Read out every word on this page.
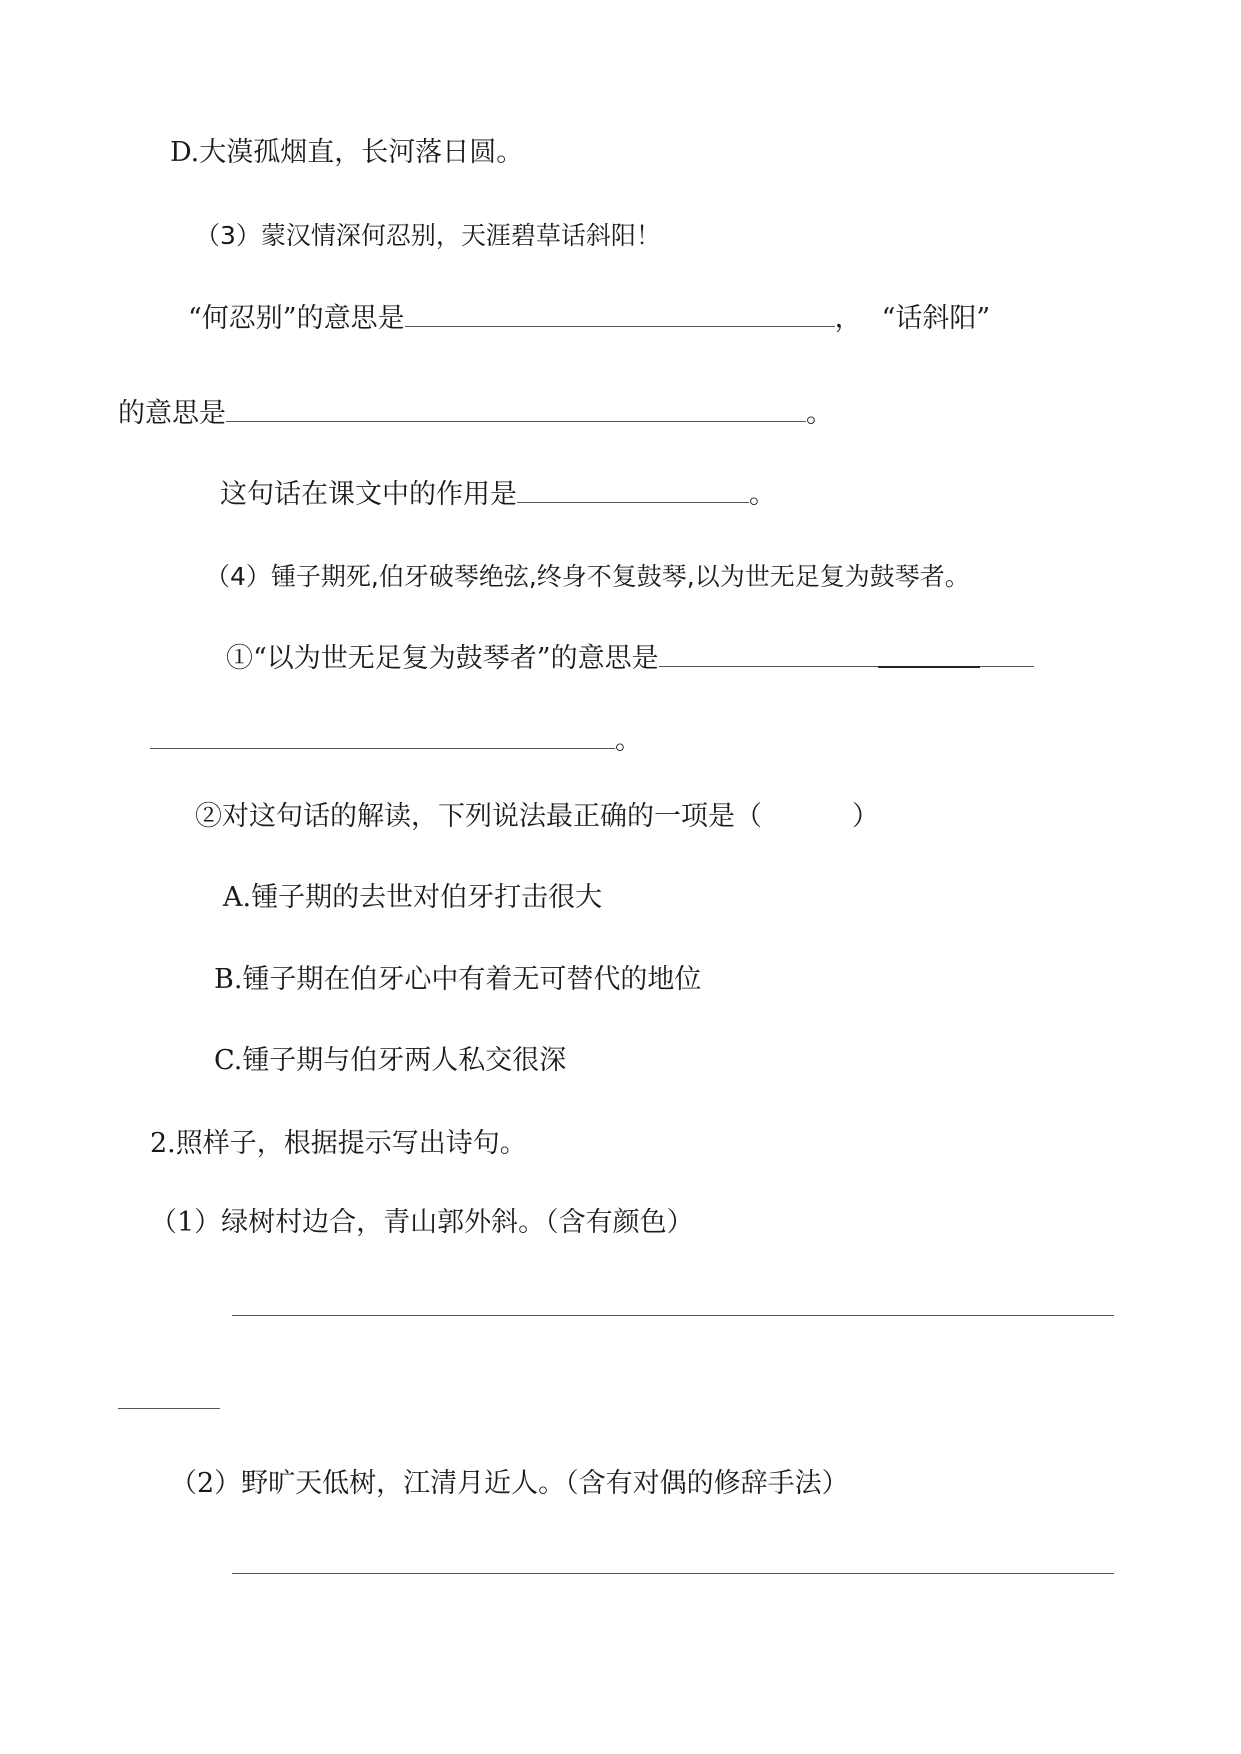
D.大漠孤烟直，长河落日圆。
（3）蒙汉情深何忍别，天涯碧草话斜阳！
“何忍别”的意思是	， “话斜阳”
的意思是	。
这句话在课文中的作用是	。
（4）锺子期死,伯牙破琴绝弦,终身不复鼓琴,以为世无足复为鼓琴者。
①“以为世无足复为鼓琴者”的意思是
。
②对这句话的解读，下列说法最正确的一项是（	）
A.锺子期的去世对伯牙打击很大
B.锺子期在伯牙心中有着无可替代的地位
C.锺子期与伯牙两人私交很深
2.照样子，根据提示写出诗句。
（1）绿树村边合，青山郭外斜。（含有颜色）
（2）野旷天低树，江清月近人。（含有对偶的修辞手法）
